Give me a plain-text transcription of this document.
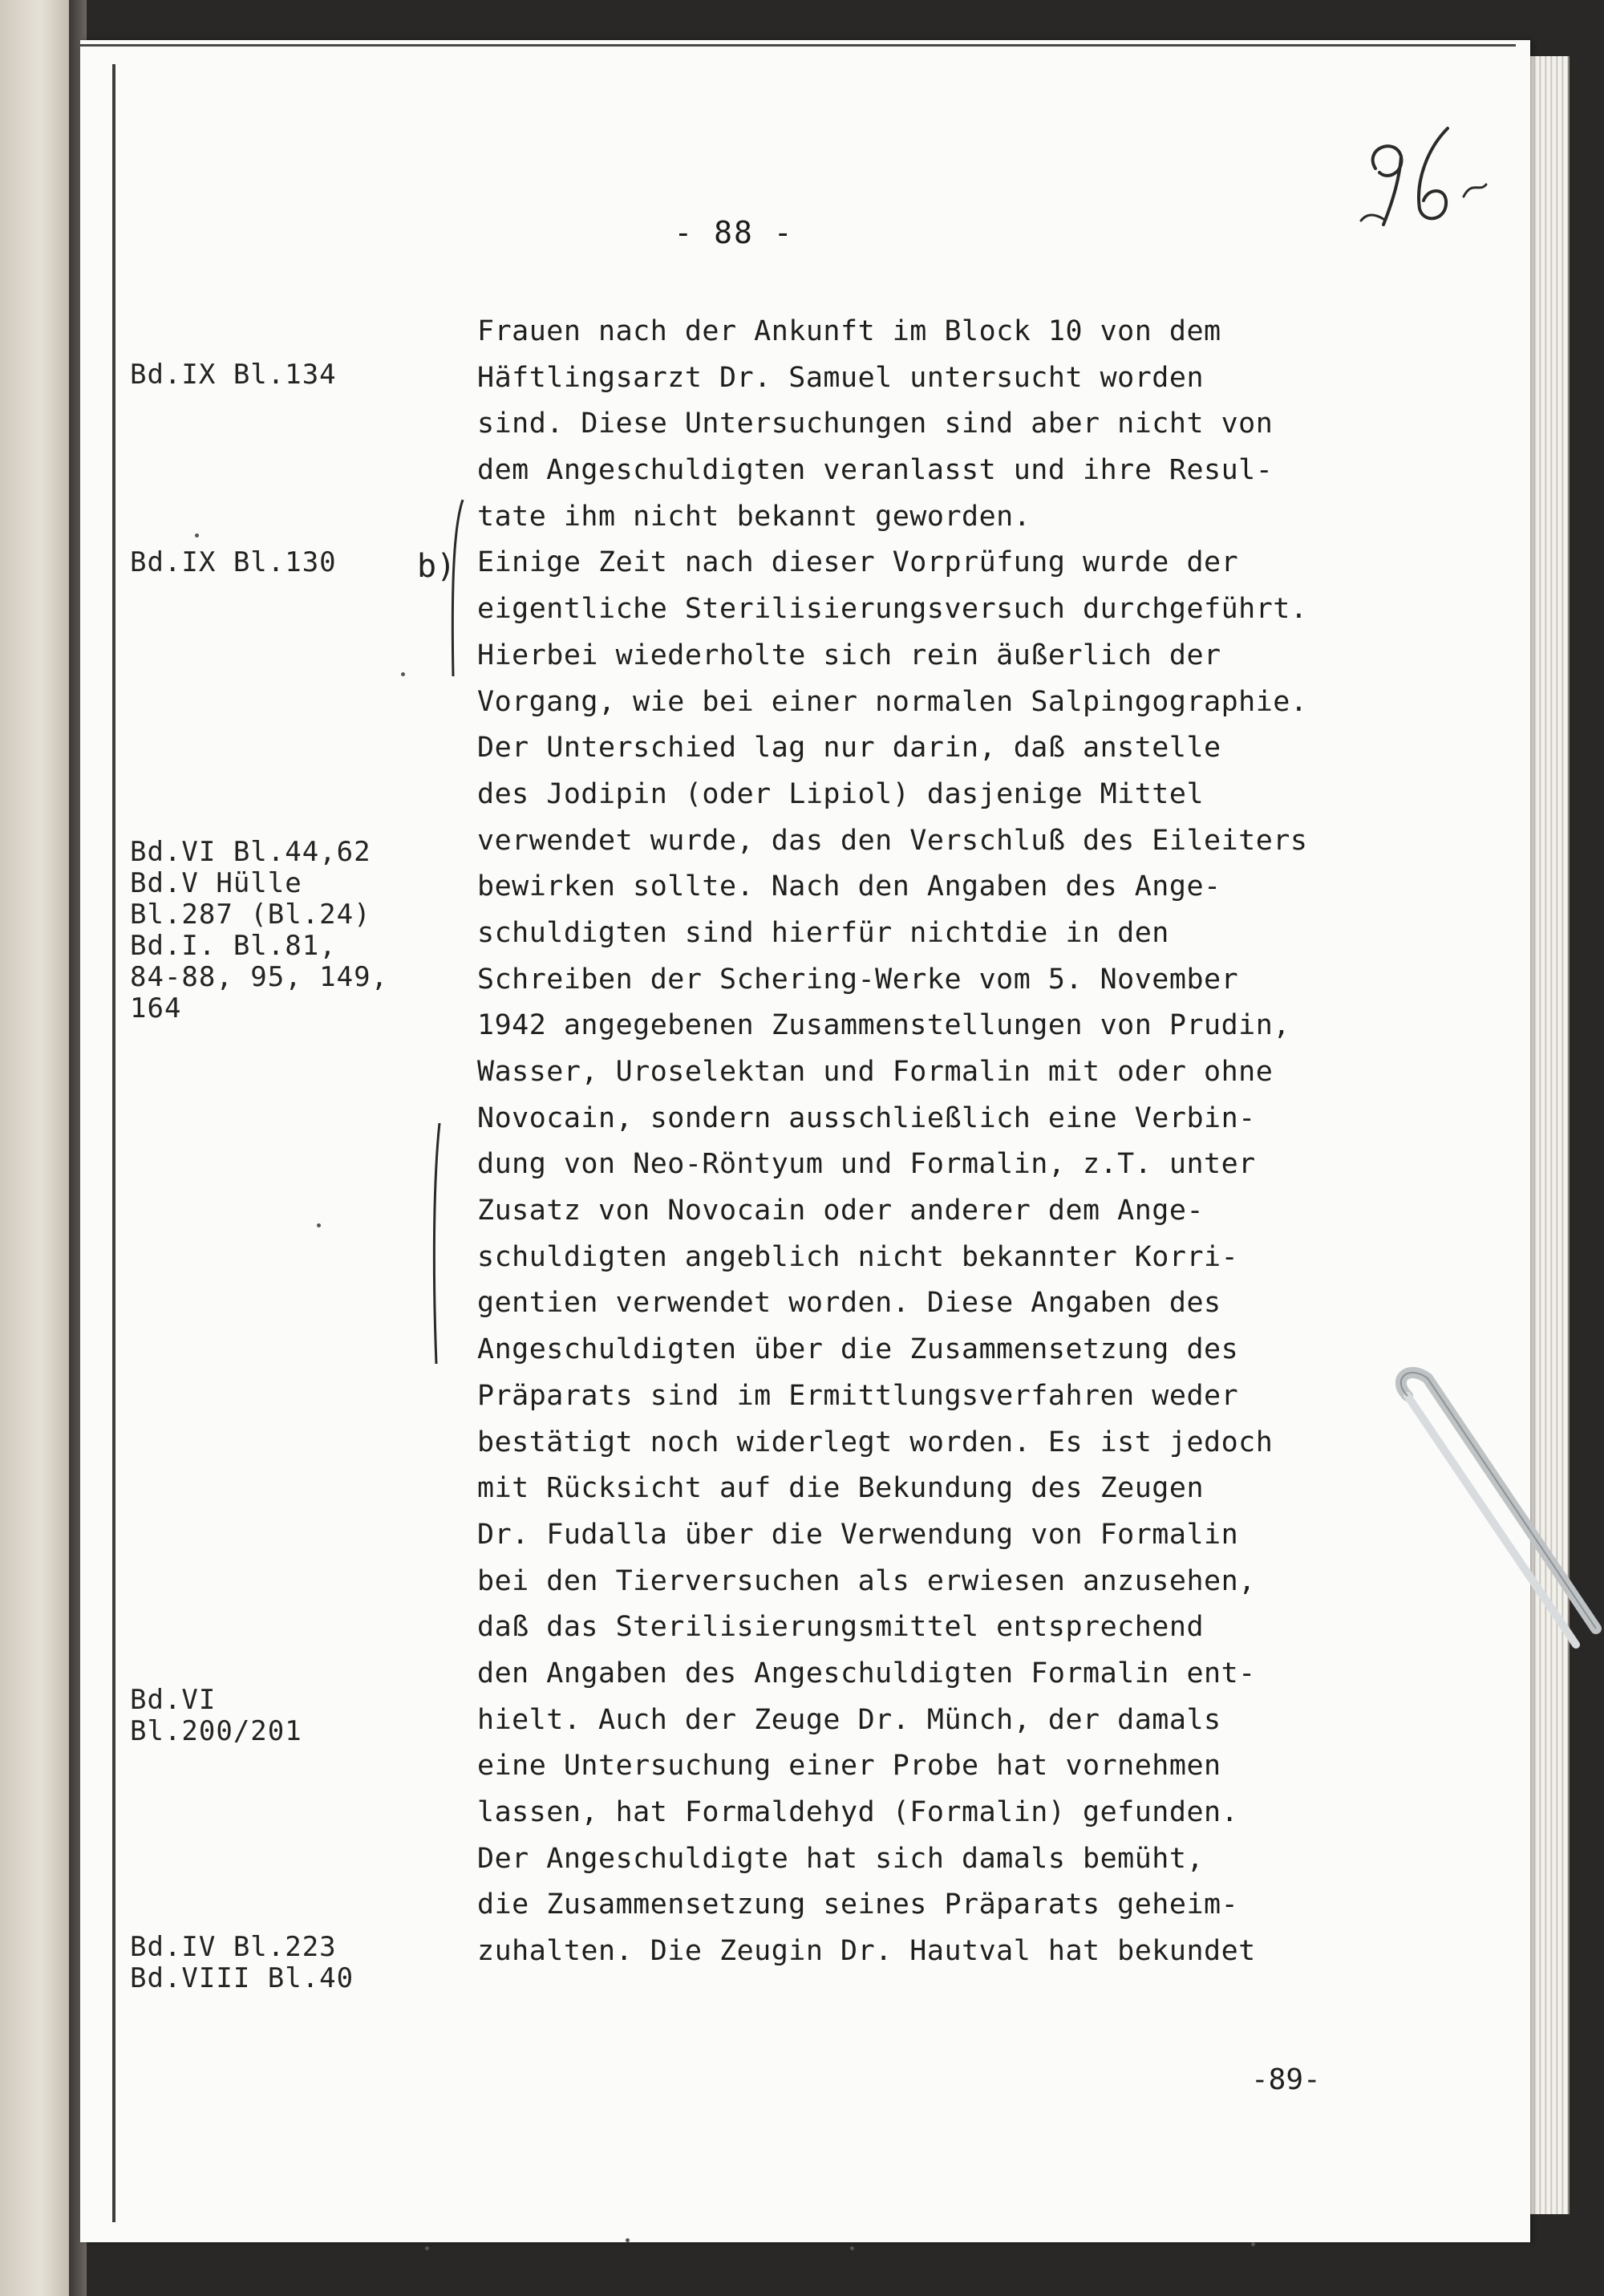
- 88 -
Bd.IX Bl.134
Bd.IX Bl.130
Bd.VI Bl.44,62
Bd.V Hülle
Bl.287 (Bl.24)
Bd.I. Bl.81,
84-88, 95, 149,
164
Bd.VI
Bl.200/201
Bd.IV Bl.223
Bd.VIII Bl.40
b)
Frauen nach der Ankunft im Block 10 von dem
Häftlingsarzt Dr. Samuel untersucht worden
sind. Diese Untersuchungen sind aber nicht von
dem Angeschuldigten veranlasst und ihre Resul-
tate ihm nicht bekannt geworden.
Einige Zeit nach dieser Vorprüfung wurde der
eigentliche Sterilisierungsversuch durchgeführt.
Hierbei wiederholte sich rein äußerlich der
Vorgang, wie bei einer normalen Salpingographie.
Der Unterschied lag nur darin, daß anstelle
des Jodipin (oder Lipiol) dasjenige Mittel
verwendet wurde, das den Verschluß des Eileiters
bewirken sollte. Nach den Angaben des Ange-
schuldigten sind hierfür nichtdie in den
Schreiben der Schering-Werke vom 5. November
1942 angegebenen Zusammenstellungen von Prudin,
Wasser, Uroselektan und Formalin mit oder ohne
Novocain, sondern ausschließlich eine Verbin-
dung von Neo-Röntyum und Formalin, z.T. unter
Zusatz von Novocain oder anderer dem Ange-
schuldigten angeblich nicht bekannter Korri-
gentien verwendet worden. Diese Angaben des
Angeschuldigten über die Zusammensetzung des
Präparats sind im Ermittlungsverfahren weder
bestätigt noch widerlegt worden. Es ist jedoch
mit Rücksicht auf die Bekundung des Zeugen
Dr. Fudalla über die Verwendung von Formalin
bei den Tierversuchen als erwiesen anzusehen,
daß das Sterilisierungsmittel entsprechend
den Angaben des Angeschuldigten Formalin ent-
hielt. Auch der Zeuge Dr. Münch, der damals
eine Untersuchung einer Probe hat vornehmen
lassen, hat Formaldehyd (Formalin) gefunden.
Der Angeschuldigte hat sich damals bemüht,
die Zusammensetzung seines Präparats geheim-
zuhalten. Die Zeugin Dr. Hautval hat bekundet
-89-
